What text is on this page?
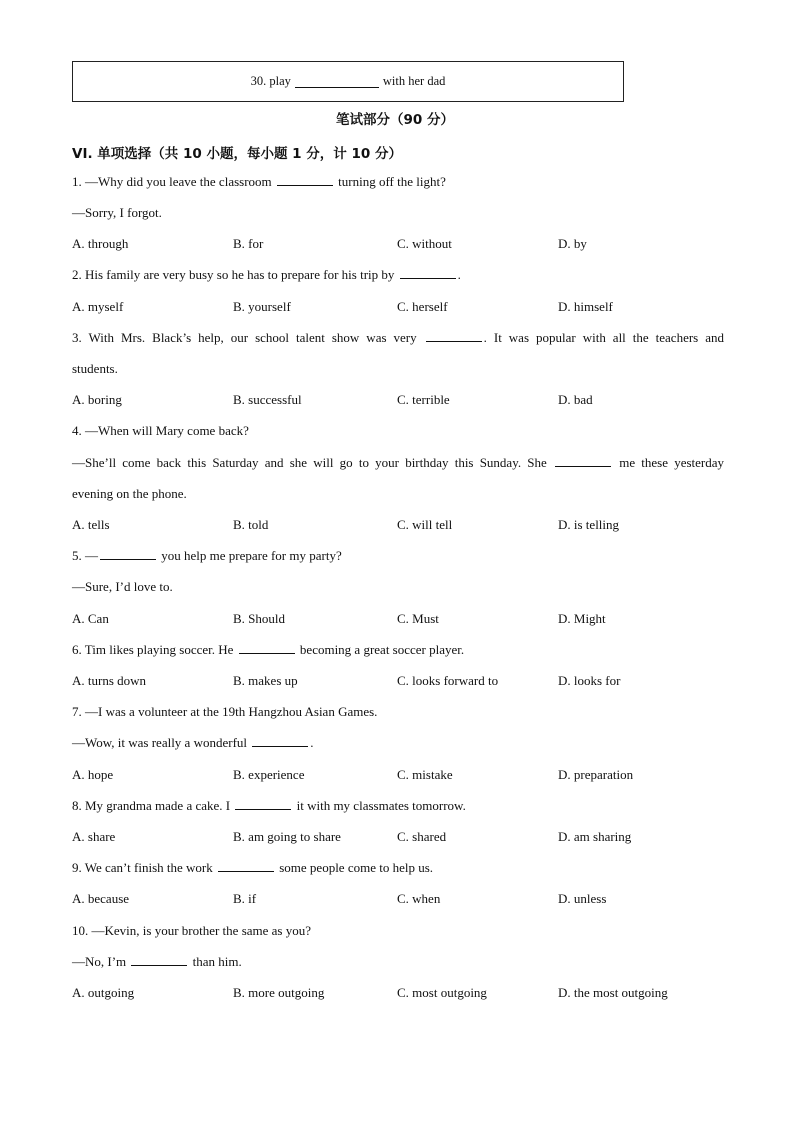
30. play	with her dad
笔试部分（90 分）
VI. 单项选择（共 10 小题，每小题 1 分，计 10 分）
1. —Why did you leave the classroom	turning off the light?
—Sorry, I forgot.
A. through	B. for	C. without	D. by
2. His family are very busy so he has to prepare for his trip by	.
A. myself	B. yourself	C. herself	D. himself
3. With Mrs. Black’s help, our school talent show was very	. It was popular with all the teachers and
students.
A. boring	B. successful	C. terrible	D. bad
4. —When will Mary come back?
—She’ll come back this Saturday and she will go to your birthday this Sunday. She	me these yesterday
evening on the phone.
A. tells	B. told	C. will tell	D. is telling
5. —	you help me prepare for my party?
—Sure, I’d love to.
A. Can	B. Should	C. Must	D. Might
6. Tim likes playing soccer. He	becoming a great soccer player.
A. turns down	B. makes up	C. looks forward to	D. looks for
7. —I was a volunteer at the 19th Hangzhou Asian Games.
—Wow, it was really a wonderful	.
A. hope	B. experience	C. mistake	D. preparation
8. My grandma made a cake. I	it with my classmates tomorrow.
A. share	B. am going to share	C. shared	D. am sharing
9. We can’t finish the work	some people come to help us.
A. because	B. if	C. when	D. unless
10. —Kevin, is your brother the same as you?
—No, I’m	than him.
A. outgoing	B. more outgoing	C. most outgoing	D. the most outgoing
